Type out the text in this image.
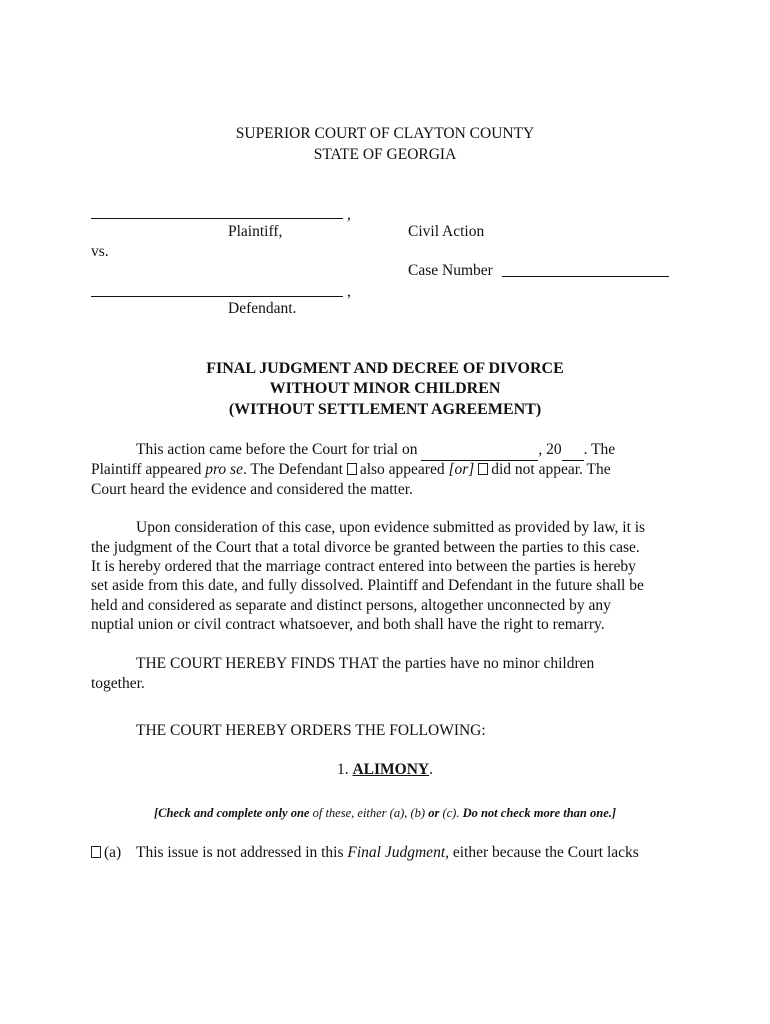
SUPERIOR COURT OF CLAYTON COUNTY
STATE OF GEORGIA
,
Plaintiff,	Civil Action
vs.
Case Number
,
Defendant.
FINAL JUDGMENT AND DECREE OF DIVORCE
WITHOUT MINOR CHILDREN
(WITHOUT SETTLEMENT AGREEMENT)
This action came before the Court for trial on	, 20 . The
Plaintiff appeared pro se. The Defendant also appeared [or] did not appear. The
Court heard the evidence and considered the matter.
Upon consideration of this case, upon evidence submitted as provided by law, it is
the judgment of the Court that a total divorce be granted between the parties to this case.
It is hereby ordered that the marriage contract entered into between the parties is hereby
set aside from this date, and fully dissolved. Plaintiff and Defendant in the future shall be
held and considered as separate and distinct persons, altogether unconnected by any
nuptial union or civil contract whatsoever, and both shall have the right to remarry.
THE COURT HEREBY FINDS THAT the parties have no minor children
together.
THE COURT HEREBY ORDERS THE FOLLOWING:
1. ALIMONY.
[Check and complete only one of these, either (a), (b) or (c). Do not check more than one.]
(a) This issue is not addressed in this Final Judgment, either because the Court lacks
